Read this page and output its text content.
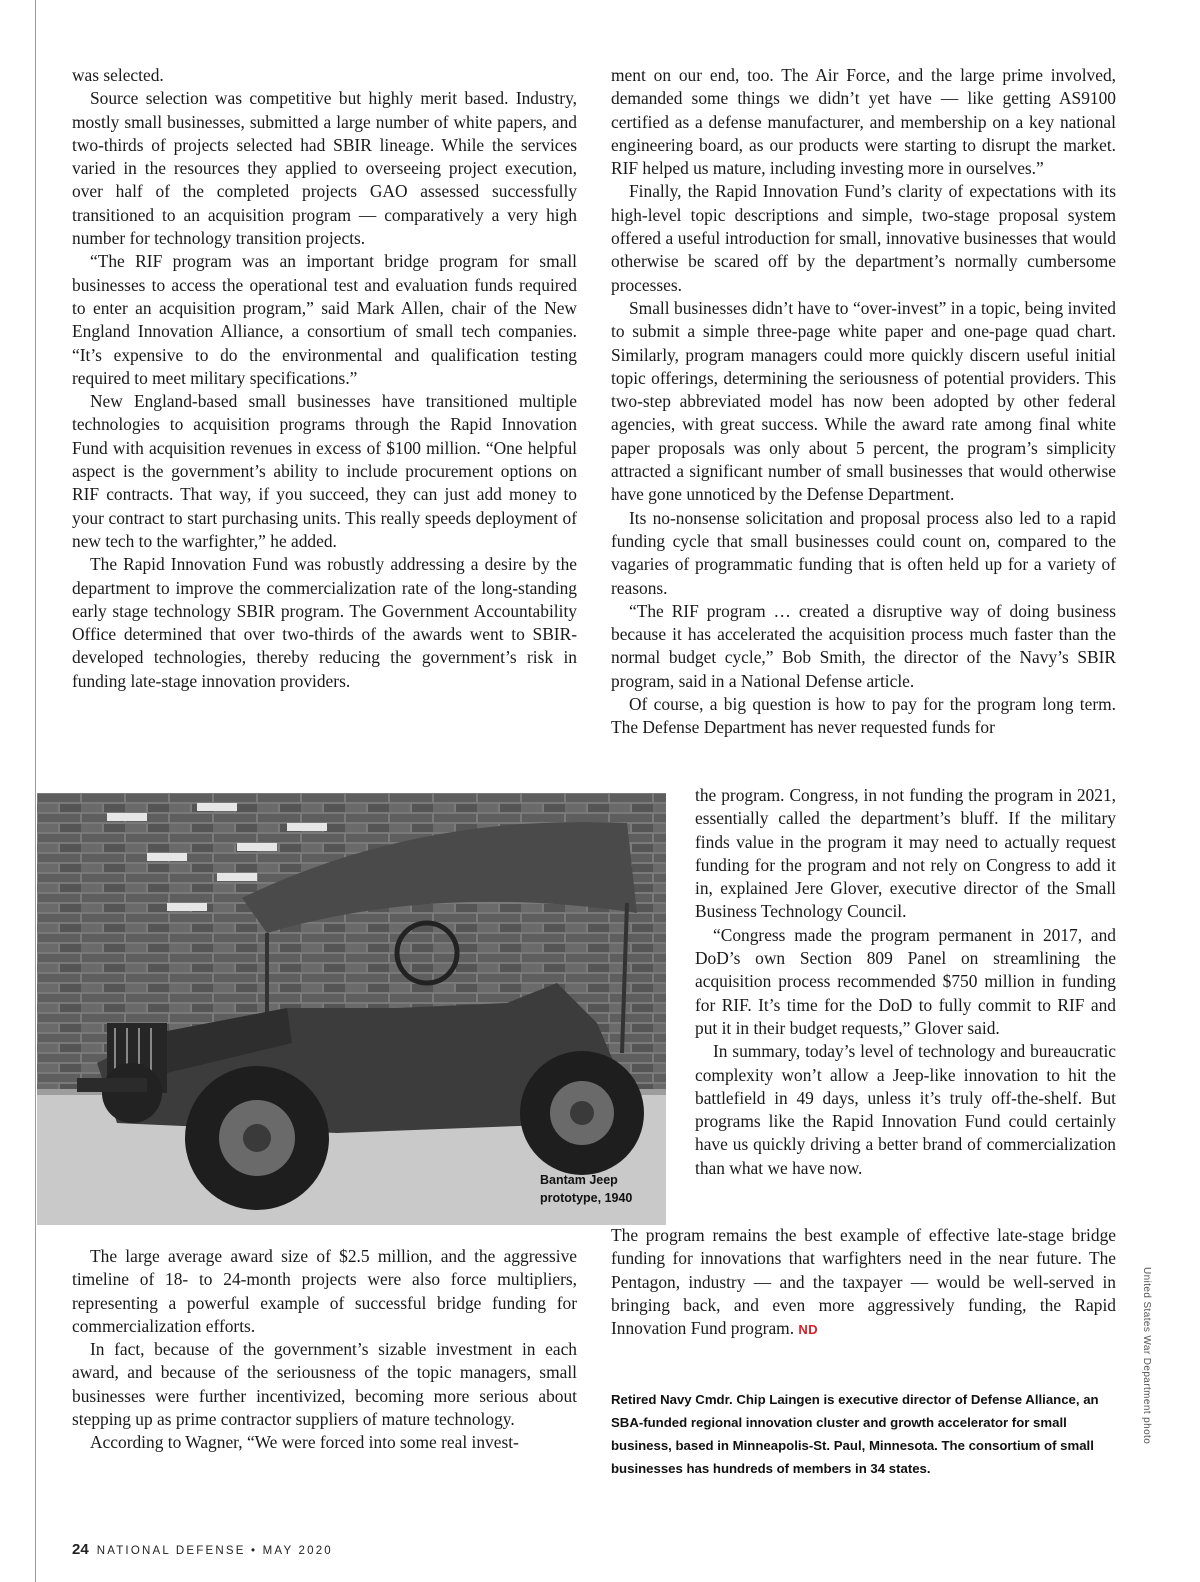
was selected.

Source selection was competitive but highly merit based. Industry, mostly small businesses, submitted a large number of white papers, and two-thirds of projects selected had SBIR lineage. While the services varied in the resources they applied to overseeing project execution, over half of the completed projects GAO assessed successfully transitioned to an acquisition program — comparatively a very high number for technology transition projects.

“The RIF program was an important bridge program for small businesses to access the operational test and evaluation funds required to enter an acquisition program,” said Mark Allen, chair of the New England Innovation Alliance, a consortium of small tech companies. “It’s expensive to do the environmental and qualification testing required to meet military specifications.”

New England-based small businesses have transitioned multiple technologies to acquisition programs through the Rapid Innovation Fund with acquisition revenues in excess of $100 million. “One helpful aspect is the government’s ability to include procurement options on RIF contracts. That way, if you succeed, they can just add money to your contract to start purchasing units. This really speeds deployment of new tech to the warfighter,” he added.

The Rapid Innovation Fund was robustly addressing a desire by the department to improve the commercialization rate of the long-standing early stage technology SBIR program. The Government Accountability Office determined that over two-thirds of the awards went to SBIR-developed technologies, thereby reducing the government’s risk in funding late-stage innovation providers.

Bantam Jeep prototype, 1940

The large average award size of $2.5 million, and the aggressive timeline of 18- to 24-month projects were also force multipliers, representing a powerful example of successful bridge funding for commercialization efforts.

In fact, because of the government’s sizable investment in each award, and because of the seriousness of the topic managers, small businesses were further incentivized, becoming more serious about stepping up as prime contractor suppliers of mature technology.

According to Wagner, “We were forced into some real invest-

ment on our end, too. The Air Force, and the large prime involved, demanded some things we didn’t yet have — like getting AS9100 certified as a defense manufacturer, and membership on a key national engineering board, as our products were starting to disrupt the market. RIF helped us mature, including investing more in ourselves.”

Finally, the Rapid Innovation Fund’s clarity of expectations with its high-level topic descriptions and simple, two-stage proposal system offered a useful introduction for small, innovative businesses that would otherwise be scared off by the department’s normally cumbersome processes.

Small businesses didn’t have to “over-invest” in a topic, being invited to submit a simple three-page white paper and one-page quad chart. Similarly, program managers could more quickly discern useful initial topic offerings, determining the seriousness of potential providers. This two-step abbreviated model has now been adopted by other federal agencies, with great success. While the award rate among final white paper proposals was only about 5 percent, the program’s simplicity attracted a significant number of small businesses that would otherwise have gone unnoticed by the Defense Department.

Its no-nonsense solicitation and proposal process also led to a rapid funding cycle that small businesses could count on, compared to the vagaries of programmatic funding that is often held up for a variety of reasons.

“The RIF program … created a disruptive way of doing business because it has accelerated the acquisition process much faster than the normal budget cycle,” Bob Smith, the director of the Navy’s SBIR program, said in a National Defense article.

Of course, a big question is how to pay for the program long term. The Defense Department has never requested funds for

the program. Congress, in not funding the program in 2021, essentially called the department’s bluff. If the military finds value in the program it may need to actually request funding for the program and not rely on Congress to add it in, explained Jere Glover, executive director of the Small Business Technology Council.

“Congress made the program permanent in 2017, and DoD’s own Section 809 Panel on streamlining the acquisition process recommended $750 million in funding for RIF. It’s time for the DoD to fully commit to RIF and put it in their budget requests,” Glover said.

In summary, today’s level of technology and bureaucratic complexity won’t allow a Jeep-like innovation to hit the battlefield in 49 days, unless it’s truly off-the-shelf. But programs like the Rapid Innovation Fund could certainly have us quickly driving a better brand of commercialization than what we have now.

The program remains the best example of effective late-stage bridge funding for innovations that warfighters need in the near future. The Pentagon, industry — and the taxpayer — would be well-served in bringing back, and even more aggressively funding, the Rapid Innovation Fund program. ND

Retired Navy Cmdr. Chip Laingen is executive director of Defense Alliance, an SBA-funded regional innovation cluster and growth accelerator for small business, based in Minneapolis-St. Paul, Minnesota. The consortium of small businesses has hundreds of members in 34 states.
United States War Department photo
24 NATIONAL DEFENSE • MAY 2020
